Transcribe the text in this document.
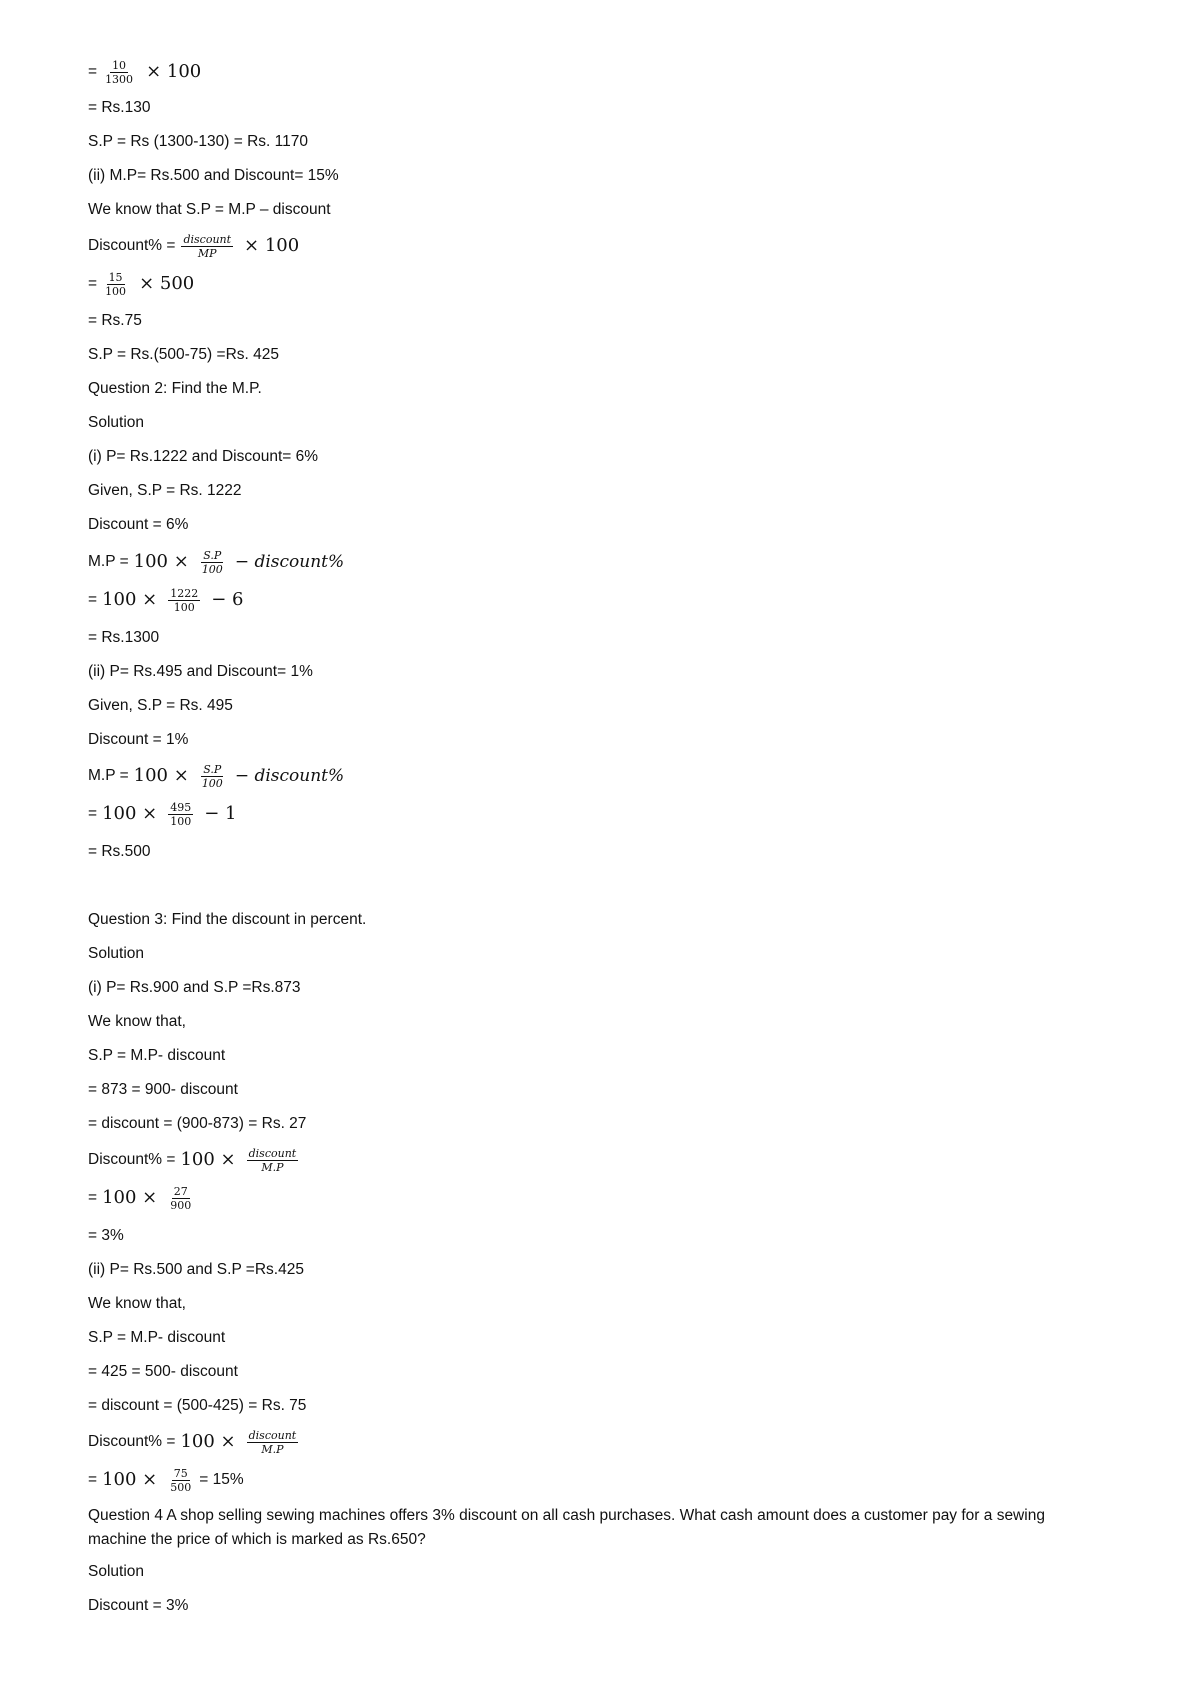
= $\frac{10}{1300} \times 100$
= Rs.130
S.P = Rs (1300-130) = Rs. 1170
(ii) M.P= Rs.500 and Discount= 15%
We know that S.P = M.P – discount
Discount% = $\frac{\text{discount}}{MP} \times 100$
= $\frac{15}{100} \times 500$
= Rs.75
S.P = Rs.(500-75) =Rs. 425
Question 2: Find the M.P.
Solution
(i) P= Rs.1222 and Discount= 6%
Given, S.P = Rs. 1222
Discount = 6%
$M.P = 100 \times \frac{S.P}{100}$ − discount%
= $100 \times \frac{1222}{100} - 6$
= Rs.1300
(ii) P= Rs.495 and Discount= 1%
Given, S.P = Rs. 495
Discount = 1%
$M.P = 100 \times \frac{S.P}{100}$ − discount%
= $100 \times \frac{495}{100} - 1$
= Rs.500
Question 3: Find the discount in percent.
Solution
(i) P= Rs.900 and S.P =Rs.873
We know that,
S.P = M.P- discount
= 873 = 900- discount
= discount = (900-873) = Rs. 27
Discount% = $100 \times \frac{\text{discount}}{M.P}$
= $100 \times \frac{27}{900}$
= 3%
(ii) P= Rs.500 and S.P =Rs.425
We know that,
S.P = M.P- discount
= 425 = 500- discount
= discount = (500-425) = Rs. 75
Discount% = $100 \times \frac{\text{discount}}{M.P}$
= $100 \times \frac{75}{500} = 15\%$
Question 4 A shop selling sewing machines offers 3% discount on all cash purchases. What cash amount does a customer pay for a sewing machine the price of which is marked as Rs.650?
Solution
Discount = 3%
